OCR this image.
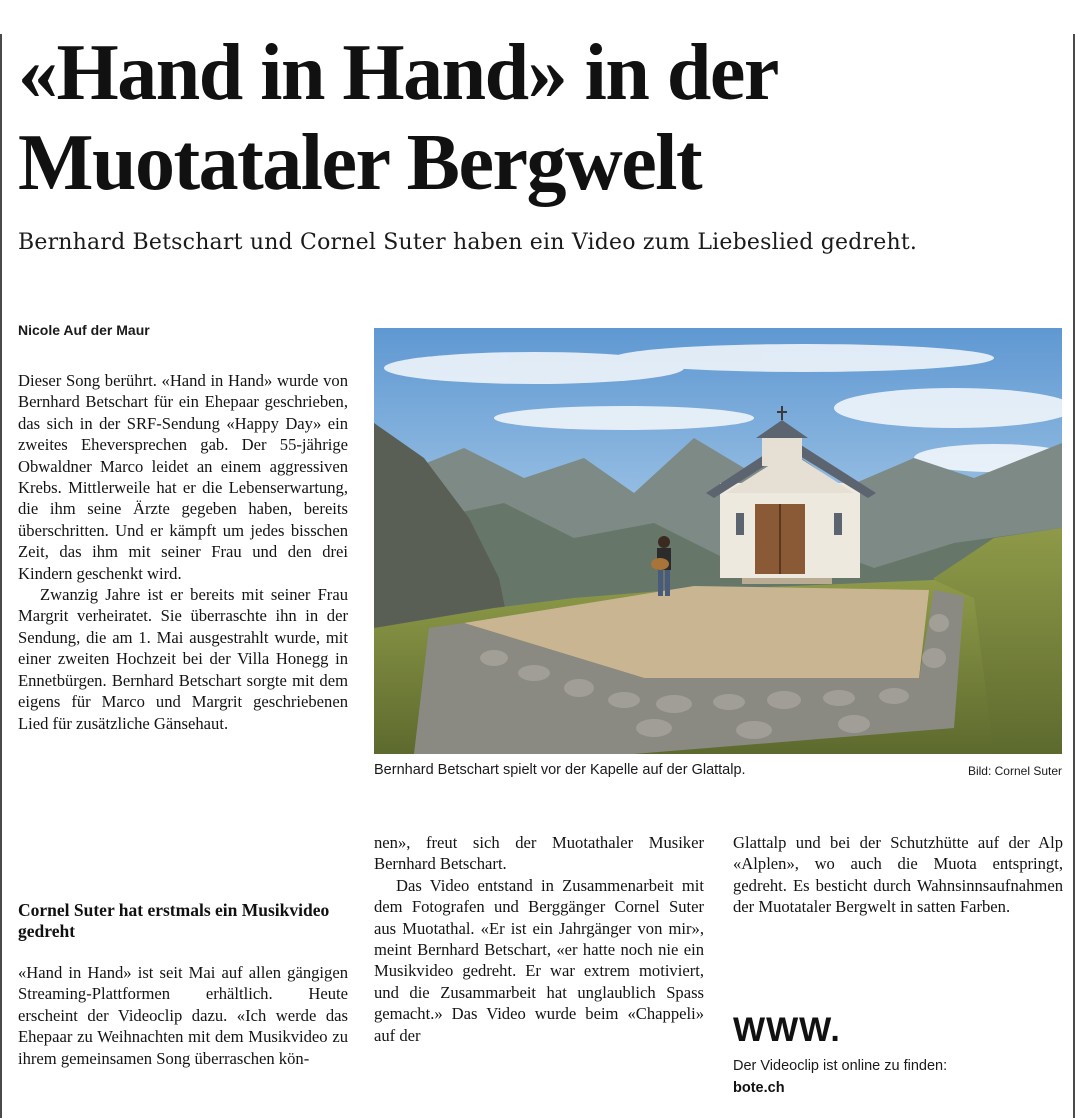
«Hand in Hand» in der
Muotataler Bergwelt
Bernhard Betschart und Cornel Suter haben ein Video zum Liebeslied gedreht.
Nicole Auf der Maur

Dieser Song berührt. «Hand in Hand» wurde von Bernhard Betschart für ein Ehepaar geschrieben, das sich in der SRF-Sendung «Happy Day» ein zweites Eheversprechen gab. Der 55-jährige Obwaldner Marco leidet an einem aggressiven Krebs. Mittlerweile hat er die Lebenserwartung, die ihm seine Ärzte gegeben haben, bereits überschritten. Und er kämpft um jedes bisschen Zeit, das ihm mit seiner Frau und den drei Kindern geschenkt wird.

Zwanzig Jahre ist er bereits mit seiner Frau Margrit verheiratet. Sie überraschte ihn in der Sendung, die am 1. Mai ausgestrahlt wurde, mit einer zweiten Hochzeit bei der Villa Honegg in Ennetbürgen. Bernhard Betschart sorgte mit dem eigens für Marco und Margrit geschriebenen Lied für zusätzliche Gänsehaut.

Cornel Suter hat erstmals ein Musikvideo gedreht

«Hand in Hand» ist seit Mai auf allen gängigen Streaming-Plattformen erhältlich. Heute erscheint der Videoclip dazu. «Ich werde das Ehepaar zu Weihnachten mit dem Musikvideo zu ihrem gemeinsamen Song überraschen kön-

Bernhard Betschart spielt vor der Kapelle auf der Glattalp.	Bild: Cornel Suter

nen», freut sich der Muotathaler Musiker Bernhard Betschart.

Das Video entstand in Zusammenarbeit mit dem Fotografen und Berggänger Cornel Suter aus Muotathal. «Er ist ein Jahrgänger von mir», meint Bernhard Betschart, «er hatte noch nie ein Musikvideo gedreht. Er war extrem motiviert, und die Zusammarbeit hat unglaublich Spass gemacht.» Das Video wurde beim «Chappeli» auf der

Glattalp und bei der Schutzhütte auf der Alp «Alplen», wo auch die Muota entspringt, gedreht. Es besticht durch Wahnsinnsaufnahmen der Muotataler Bergwelt in satten Farben.

WWW.
Der Videoclip ist online zu finden:
bote.ch
